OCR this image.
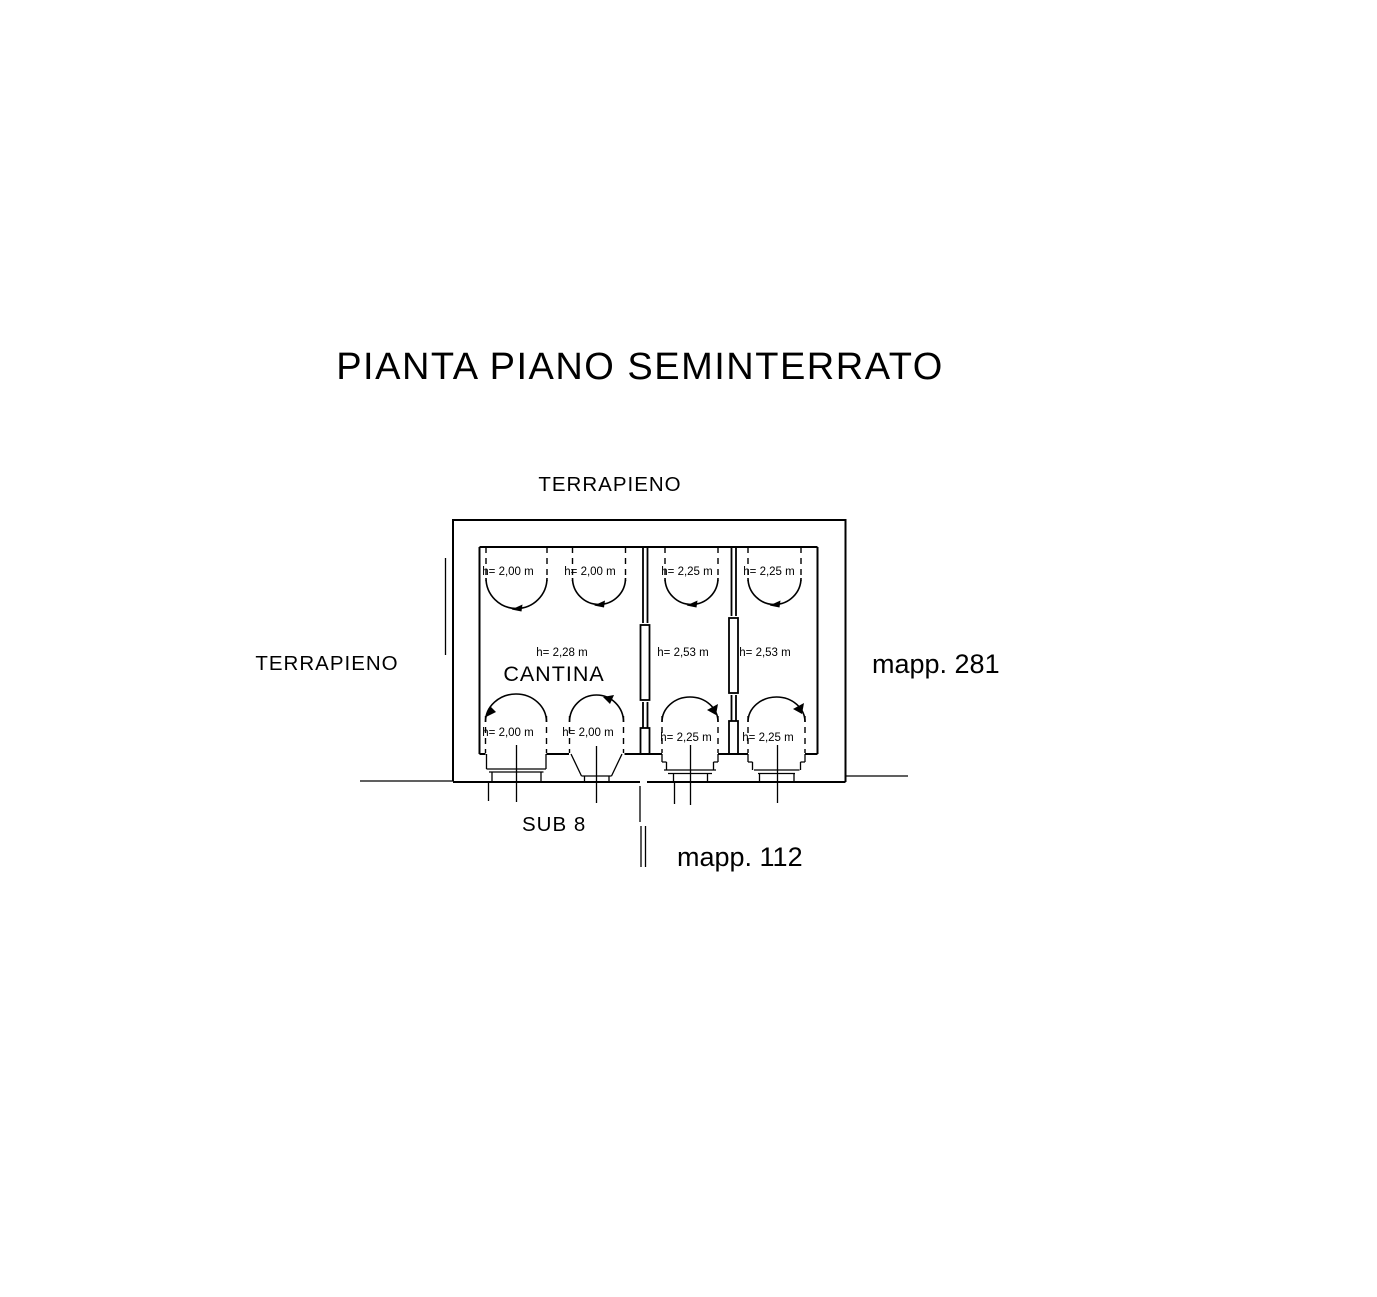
PIANTA PIANO SEMINTERRATO
TERRAPIENO
TERRAPIENO	mapp. 281
mapp. 112
SUB 8
h= 2,28 m
CANTINA
h= 2,53 m	h= 2,53 m
h= 2,00 m	h= 2,00 m	h= 2,25 m	h= 2,25 m
h= 2,00 m h= 2,00 m	h= 2,25 m	h= 2,25 m
